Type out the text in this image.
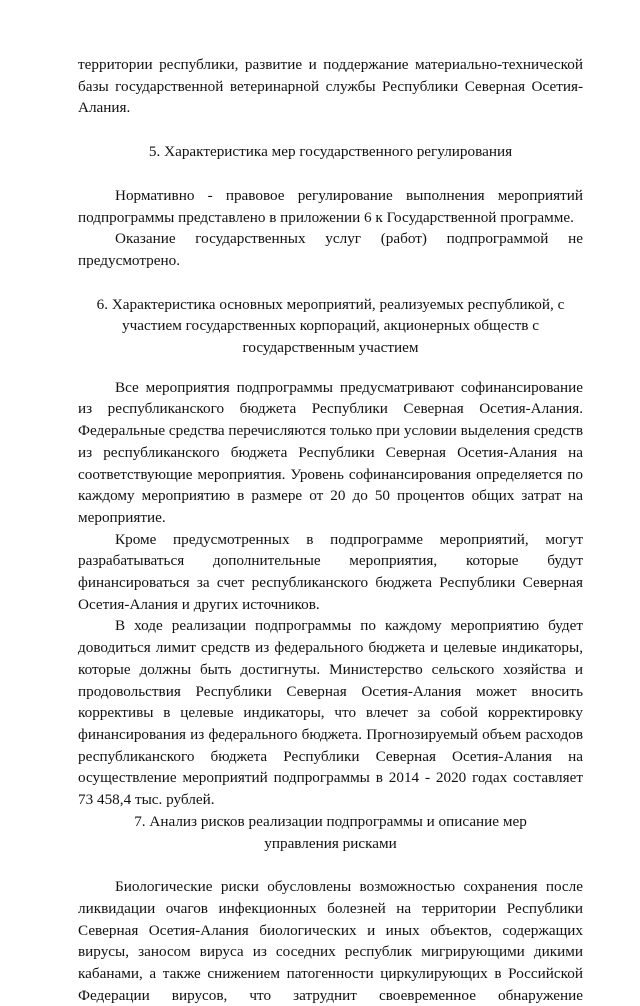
территории республики, развитие и поддержание материально-технической базы государственной ветеринарной службы Республики Северная Осетия-Алания.

5. Характеристика мер государственного регулирования

Нормативно - правовое регулирование выполнения мероприятий подпрограммы представлено в приложении 6 к Государственной программе.

Оказание государственных услуг (работ) подпрограммой не предусмотрено.

6. Характеристика основных мероприятий, реализуемых республикой, с участием государственных корпораций, акционерных обществ с государственным участием

Все мероприятия подпрограммы предусматривают софинансирование из республиканского бюджета Республики Северная Осетия-Алания. Федеральные средства перечисляются только при условии выделения средств из республиканского бюджета Республики Северная Осетия-Алания на соответствующие мероприятия. Уровень софинансирования определяется по каждому мероприятию в размере от 20 до 50 процентов общих затрат на мероприятие.

Кроме предусмотренных в подпрограмме мероприятий, могут разрабатываться дополнительные мероприятия, которые будут финансироваться за счет республиканского бюджета Республики Северная Осетия-Алания и других источников.

В ходе реализации подпрограммы по каждому мероприятию будет доводиться лимит средств из федерального бюджета и целевые индикаторы, которые должны быть достигнуты. Министерство сельского хозяйства и продовольствия Республики Северная Осетия-Алания может вносить коррективы в целевые индикаторы, что влечет за собой корректировку финансирования из федерального бюджета. Прогнозируемый объем расходов республиканского бюджета Республики Северная Осетия-Алания на осуществление мероприятий подпрограммы в 2014 - 2020 годах составляет 73 458,4 тыс. рублей.

7. Анализ рисков реализации подпрограммы и описание мер

управления рисками

Биологические риски обусловлены возможностью сохранения после ликвидации очагов инфекционных болезней на территории Республики Северная Осетия-Алания биологических и иных объектов, содержащих вирусы, заносом вируса из соседних республик мигрирующими дикими кабанами, а также снижением патогенности циркулирующих в Российской Федерации вирусов, что затруднит своевременное обнаружение
